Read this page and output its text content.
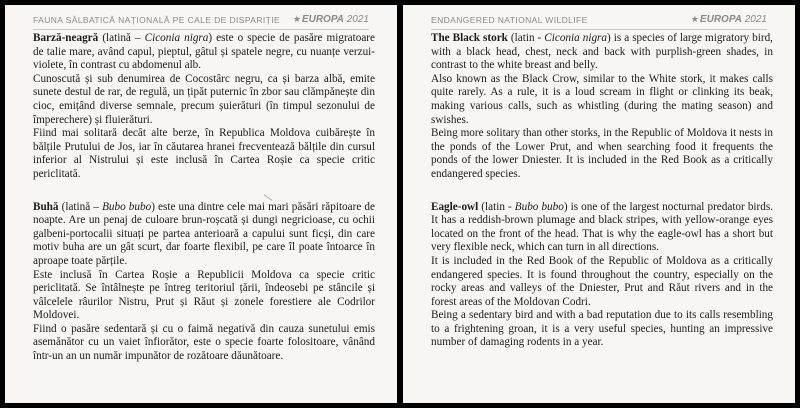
FAUNA SĂLBATICĂ NAȚIONALĂ PE CALE DE DISPARIȚIE ★EUROPA 2021

Barză-neagră (latină – Ciconia nigra) este o specie de pasăre migratoare de talie mare, având capul, pieptul, gâtul și spatele negre, cu nuanțe verzui-violete, în contrast cu abdomenul alb.

Cunoscută și sub denumirea de Cocostârc negru, ca și barza albă, emite sunete destul de rar, de regulă, un țipăt puternic în zbor sau clămpănește din cioc, emițând diverse semnale, precum șuierături (în timpul sezonului de împerechere) și fluierături.

Fiind mai solitară decât alte berze, în Republica Moldova cuibărește în bălțile Prutului de Jos, iar în căutarea hranei frecventează bălțile din cursul inferior al Nistrului și este inclusă în Cartea Roșie ca specie critic periclitată.

Buhă (latină – Bubo bubo) este una dintre cele mai mari păsări răpitoare de noapte. Are un penaj de culoare brun-roșcată și dungi negricioase, cu ochii galbeni-portocalii situați pe partea anterioară a capului sunt ficși, din care motiv buha are un gât scurt, dar foarte flexibil, pe care îl poate întoarce în aproape toate părțile.

Este inclusă în Cartea Roșie a Republicii Moldova ca specie critic periclitată. Se întâlnește pe întreg teritoriul țării, îndeosebi pe stâncile și vâlcelele râurilor Nistru, Prut și Răut și zonele forestiere ale Codrilor Moldovei.

Fiind o pasăre sedentară și cu o faimă negativă din cauza sunetului emis asemănător cu un vaiet înfiorător, este o specie foarte folositoare, vânând într-un an un număr impunător de rozătoare dăunătoare.

ENDANGERED NATIONAL WILDLIFE	★EUROPA 2021

The Black stork (latin - Ciconia nigra) is a species of large migratory bird, with a black head, chest, neck and back with purplish-green shades, in contrast to the white breast and belly.

Also known as the Black Crow, similar to the White stork, it makes calls quite rarely. As a rule, it is a loud scream in flight or clinking its beak, making various calls, such as whistling (during the mating season) and swishes.

Being more solitary than other storks, in the Republic of Moldova it nests in the ponds of the Lower Prut, and when searching food it frequents the ponds of the lower Dniester. It is included in the Red Book as a critically endangered species.

Eagle-owl (latin - Bubo bubo) is one of the largest nocturnal predator birds. It has a reddish-brown plumage and black stripes, with yellow-orange eyes located on the front of the head. That is why the eagle-owl has a short but very flexible neck, which can turn in all directions.

It is included in the Red Book of the Republic of Moldova as a critically endangered species. It is found throughout the country, especially on the rocky areas and valleys of the Dniester, Prut and Răut rivers and in the forest areas of the Moldovan Codri.

Being a sedentary bird and with a bad reputation due to its calls resembling to a frightening groan, it is a very useful species, hunting an impressive number of damaging rodents in a year.
